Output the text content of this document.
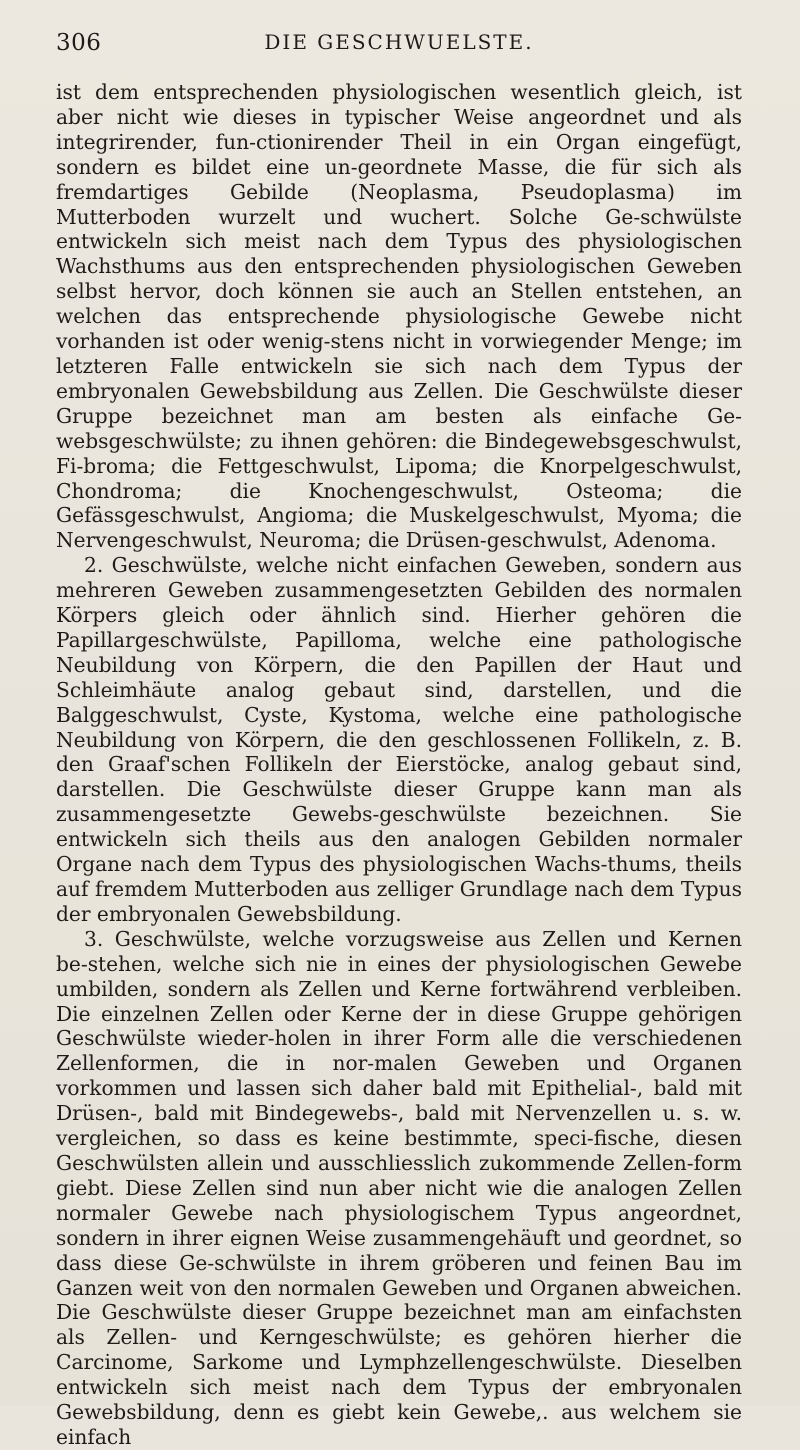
306	DIE GESCHWUELSTE.

ist dem entsprechenden physiologischen wesentlich gleich, ist aber nicht wie dieses in typischer Weise angeordnet und als integrirender, fun-ctionirender Theil in ein Organ eingefügt, sondern es bildet eine un-geordnete Masse, die für sich als fremdartiges Gebilde (Neoplasma, Pseudoplasma) im Mutterboden wurzelt und wuchert. Solche Ge-schwülste entwickeln sich meist nach dem Typus des physiologischen Wachsthums aus den entsprechenden physiologischen Geweben selbst hervor, doch können sie auch an Stellen entstehen, an welchen das entsprechende physiologische Gewebe nicht vorhanden ist oder wenig-stens nicht in vorwiegender Menge; im letzteren Falle entwickeln sie sich nach dem Typus der embryonalen Gewebsbildung aus Zellen. Die Geschwülste dieser Gruppe bezeichnet man am besten als einfache Ge-websgeschwülste; zu ihnen gehören: die Bindegewebsgeschwulst, Fi-broma; die Fettgeschwulst, Lipoma; die Knorpelgeschwulst, Chondroma; die Knochengeschwulst, Osteoma; die Gefässgeschwulst, Angioma; die Muskelgeschwulst, Myoma; die Nervengeschwulst, Neuroma; die Drüsen-geschwulst, Adenoma.

2. Geschwülste, welche nicht einfachen Geweben, sondern aus mehreren Geweben zusammengesetzten Gebilden des normalen Körpers gleich oder ähnlich sind. Hierher gehören die Papillargeschwülste, Papilloma, welche eine pathologische Neubildung von Körpern, die den Papillen der Haut und Schleimhäute analog gebaut sind, darstellen, und die Balggeschwulst, Cyste, Kystoma, welche eine pathologische Neubildung von Körpern, die den geschlossenen Follikeln, z. B. den Graaf'schen Follikeln der Eierstöcke, analog gebaut sind, darstellen. Die Geschwülste dieser Gruppe kann man als zusammengesetzte Gewebs-geschwülste bezeichnen. Sie entwickeln sich theils aus den analogen Gebilden normaler Organe nach dem Typus des physiologischen Wachs-thums, theils auf fremdem Mutterboden aus zelliger Grundlage nach dem Typus der embryonalen Gewebsbildung.

3. Geschwülste, welche vorzugsweise aus Zellen und Kernen be-stehen, welche sich nie in eines der physiologischen Gewebe umbilden, sondern als Zellen und Kerne fortwährend verbleiben. Die einzelnen Zellen oder Kerne der in diese Gruppe gehörigen Geschwülste wieder-holen in ihrer Form alle die verschiedenen Zellenformen, die in nor-malen Geweben und Organen vorkommen und lassen sich daher bald mit Epithelial-, bald mit Drüsen-, bald mit Bindegewebs-, bald mit Nervenzellen u. s. w. vergleichen, so dass es keine bestimmte, speci-fische, diesen Geschwülsten allein und ausschliesslich zukommende Zellen-form giebt. Diese Zellen sind nun aber nicht wie die analogen Zellen normaler Gewebe nach physiologischem Typus angeordnet, sondern in ihrer eignen Weise zusammengehäuft und geordnet, so dass diese Ge-schwülste in ihrem gröberen und feinen Bau im Ganzen weit von den normalen Geweben und Organen abweichen. Die Geschwülste dieser Gruppe bezeichnet man am einfachsten als Zellen- und Kerngeschwülste; es gehören hierher die Carcinome, Sarkome und Lymphzellengeschwülste. Dieselben entwickeln sich meist nach dem Typus der embryonalen Gewebsbildung, denn es giebt kein Gewebe,. aus welchem sie einfach
